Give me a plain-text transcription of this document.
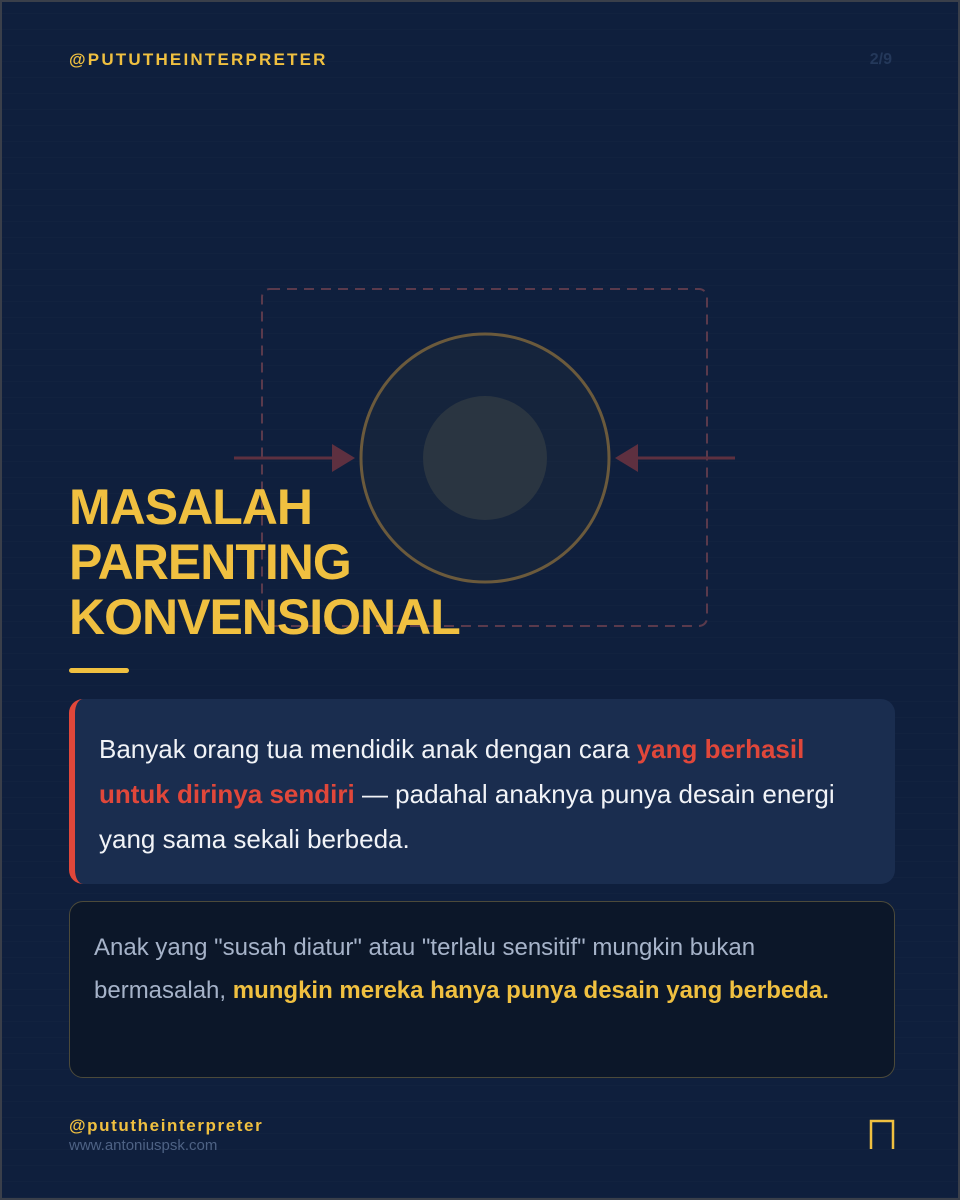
@PUTUTHEINTERPRETER	2/9
MASALAH
PARENTING
KONVENSIONAL

Banyak orang tua mendidik anak dengan cara yang berhasil untuk dirinya sendiri — padahal anaknya punya desain energi yang sama sekali berbeda.

Anak yang "susah diatur" atau "terlalu sensitif" mungkin bukan bermasalah, mungkin mereka hanya punya desain yang berbeda.

@pututheinterpreter
www.antoniuspsk.com
